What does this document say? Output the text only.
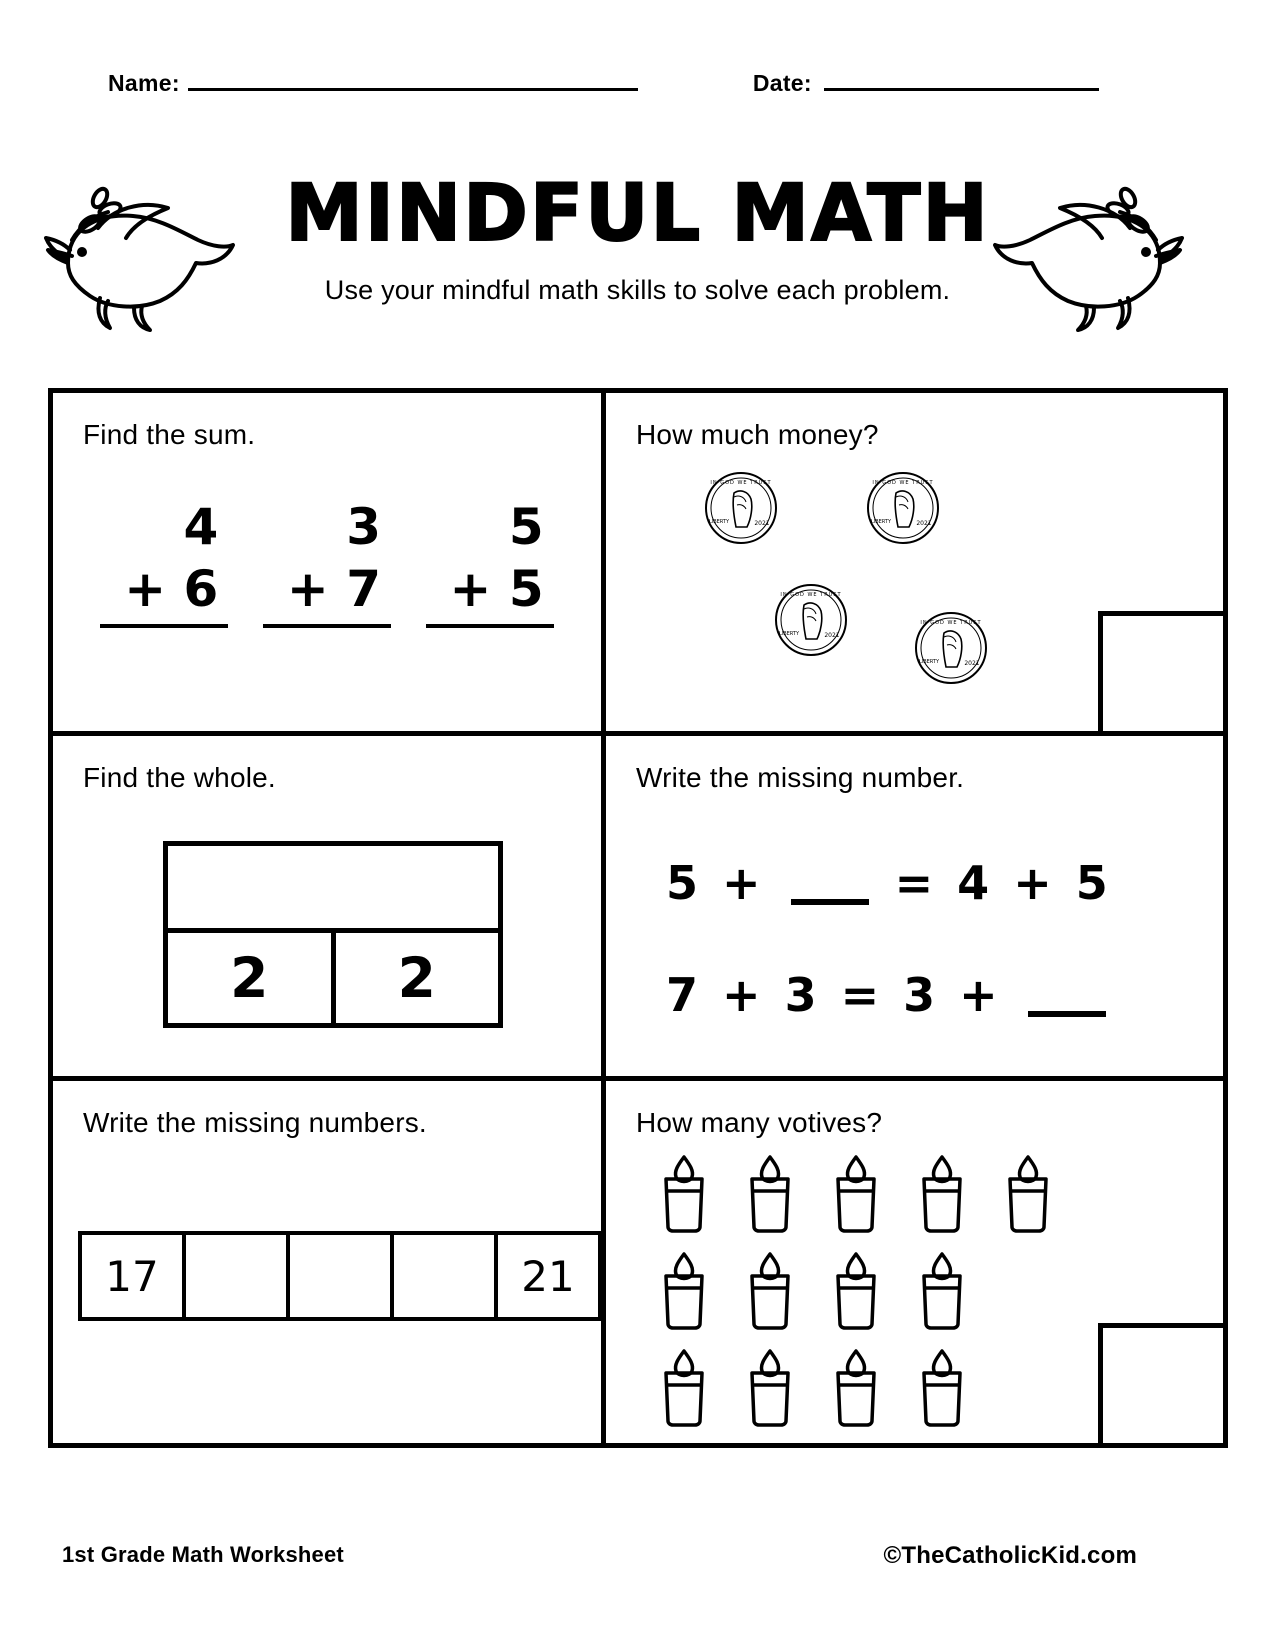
Name:	Date:
MINDFUL MATH
Use your mindful math skills to solve each problem.
Find the sum.
4
+ 6
3
+ 7
5
+ 5
How much money?
IN GOD WE TRUST
LIBERTY	2021
IN GOD WE TRUST
LIBERTY	2021
IN GOD WE TRUST
LIBERTY	2021
IN GOD WE TRUST
LIBERTY	2021
Find the whole.
2	2
Write the missing number.
5 +	= 4 + 5
7 + 3 = 3 +
Write the missing numbers.
17	21
How many votives?
1st Grade Math Worksheet	©TheCatholicKid.com
